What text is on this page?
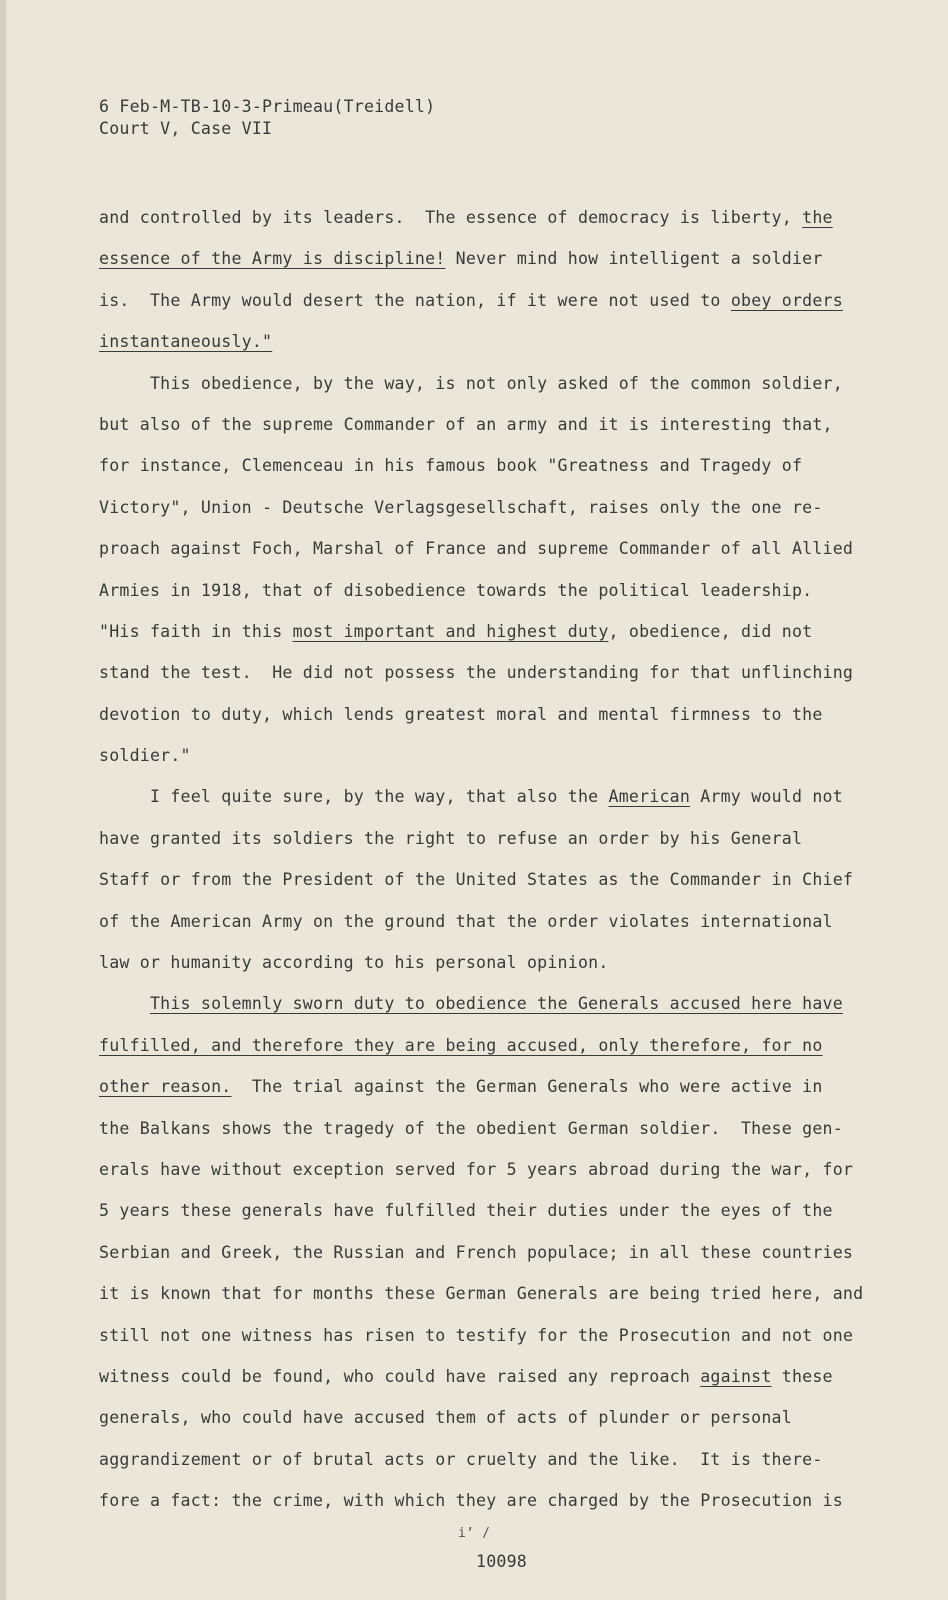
6 Feb-M-TB-10-3-Primeau(Treidell)
Court V, Case VII
and controlled by its leaders.  The essence of democracy is liberty, the
essence of the Army is discipline! Never mind how intelligent a soldier
is.  The Army would desert the nation, if it were not used to obey orders
instantaneously."
This obedience, by the way, is not only asked of the common soldier,
but also of the supreme Commander of an army and it is interesting that,
for instance, Clemenceau in his famous book "Greatness and Tragedy of
Victory", Union - Deutsche Verlagsgesellschaft, raises only the one re-
proach against Foch, Marshal of France and supreme Commander of all Allied
Armies in 1918, that of disobedience towards the political leadership.
"His faith in this most important and highest duty, obedience, did not
stand the test.  He did not possess the understanding for that unflinching
devotion to duty, which lends greatest moral and mental firmness to the
soldier."
I feel quite sure, by the way, that also the American Army would not
have granted its soldiers the right to refuse an order by his General
Staff or from the President of the United States as the Commander in Chief
of the American Army on the ground that the order violates international
law or humanity according to his personal opinion.
This solemnly sworn duty to obedience the Generals accused here have
fulfilled, and therefore they are being accused, only therefore, for no
other reason.  The trial against the German Generals who were active in
the Balkans shows the tragedy of the obedient German soldier.  These gen-
erals have without exception served for 5 years abroad during the war, for
5 years these generals have fulfilled their duties under the eyes of the
Serbian and Greek, the Russian and French populace; in all these countries
it is known that for months these German Generals are being tried here, and
still not one witness has risen to testify for the Prosecution and not one
witness could be found, who could have raised any reproach against these
generals, who could have accused them of acts of plunder or personal
aggrandizement or of brutal acts or cruelty and the like.  It is there-
fore a fact: the crime, with which they are charged by the Prosecution is
i’ /
10098
